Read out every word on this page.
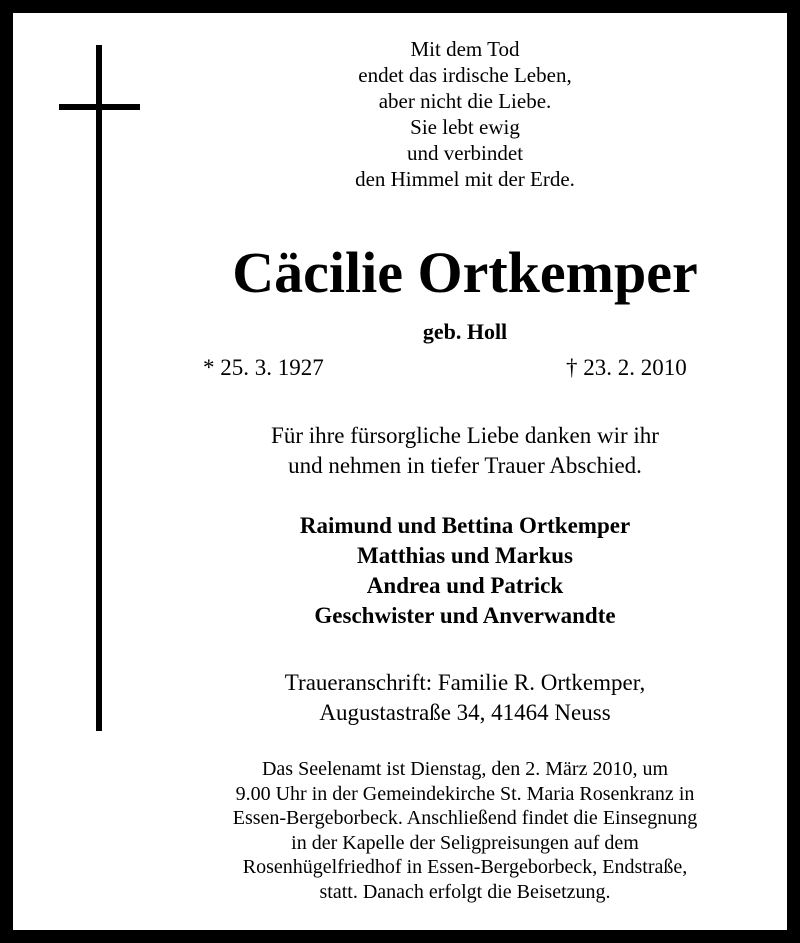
Mit dem Tod
endet das irdische Leben,
aber nicht die Liebe.
Sie lebt ewig
und verbindet
den Himmel mit der Erde.
Cäcilie Ortkemper
geb. Holl
* 25. 3. 1927	† 23. 2. 2010
Für ihre fürsorgliche Liebe danken wir ihr
und nehmen in tiefer Trauer Abschied.
Raimund und Bettina Ortkemper
Matthias und Markus
Andrea und Patrick
Geschwister und Anverwandte
Traueranschrift: Familie R. Ortkemper,
Augustastraße 34, 41464 Neuss
Das Seelenamt ist Dienstag, den 2. März 2010, um
9.00 Uhr in der Gemeindekirche St. Maria Rosenkranz in
Essen-Bergeborbeck. Anschließend findet die Einsegnung
in der Kapelle der Seligpreisungen auf dem
Rosenhügelfriedhof in Essen-Bergeborbeck, Endstraße,
statt. Danach erfolgt die Beisetzung.
